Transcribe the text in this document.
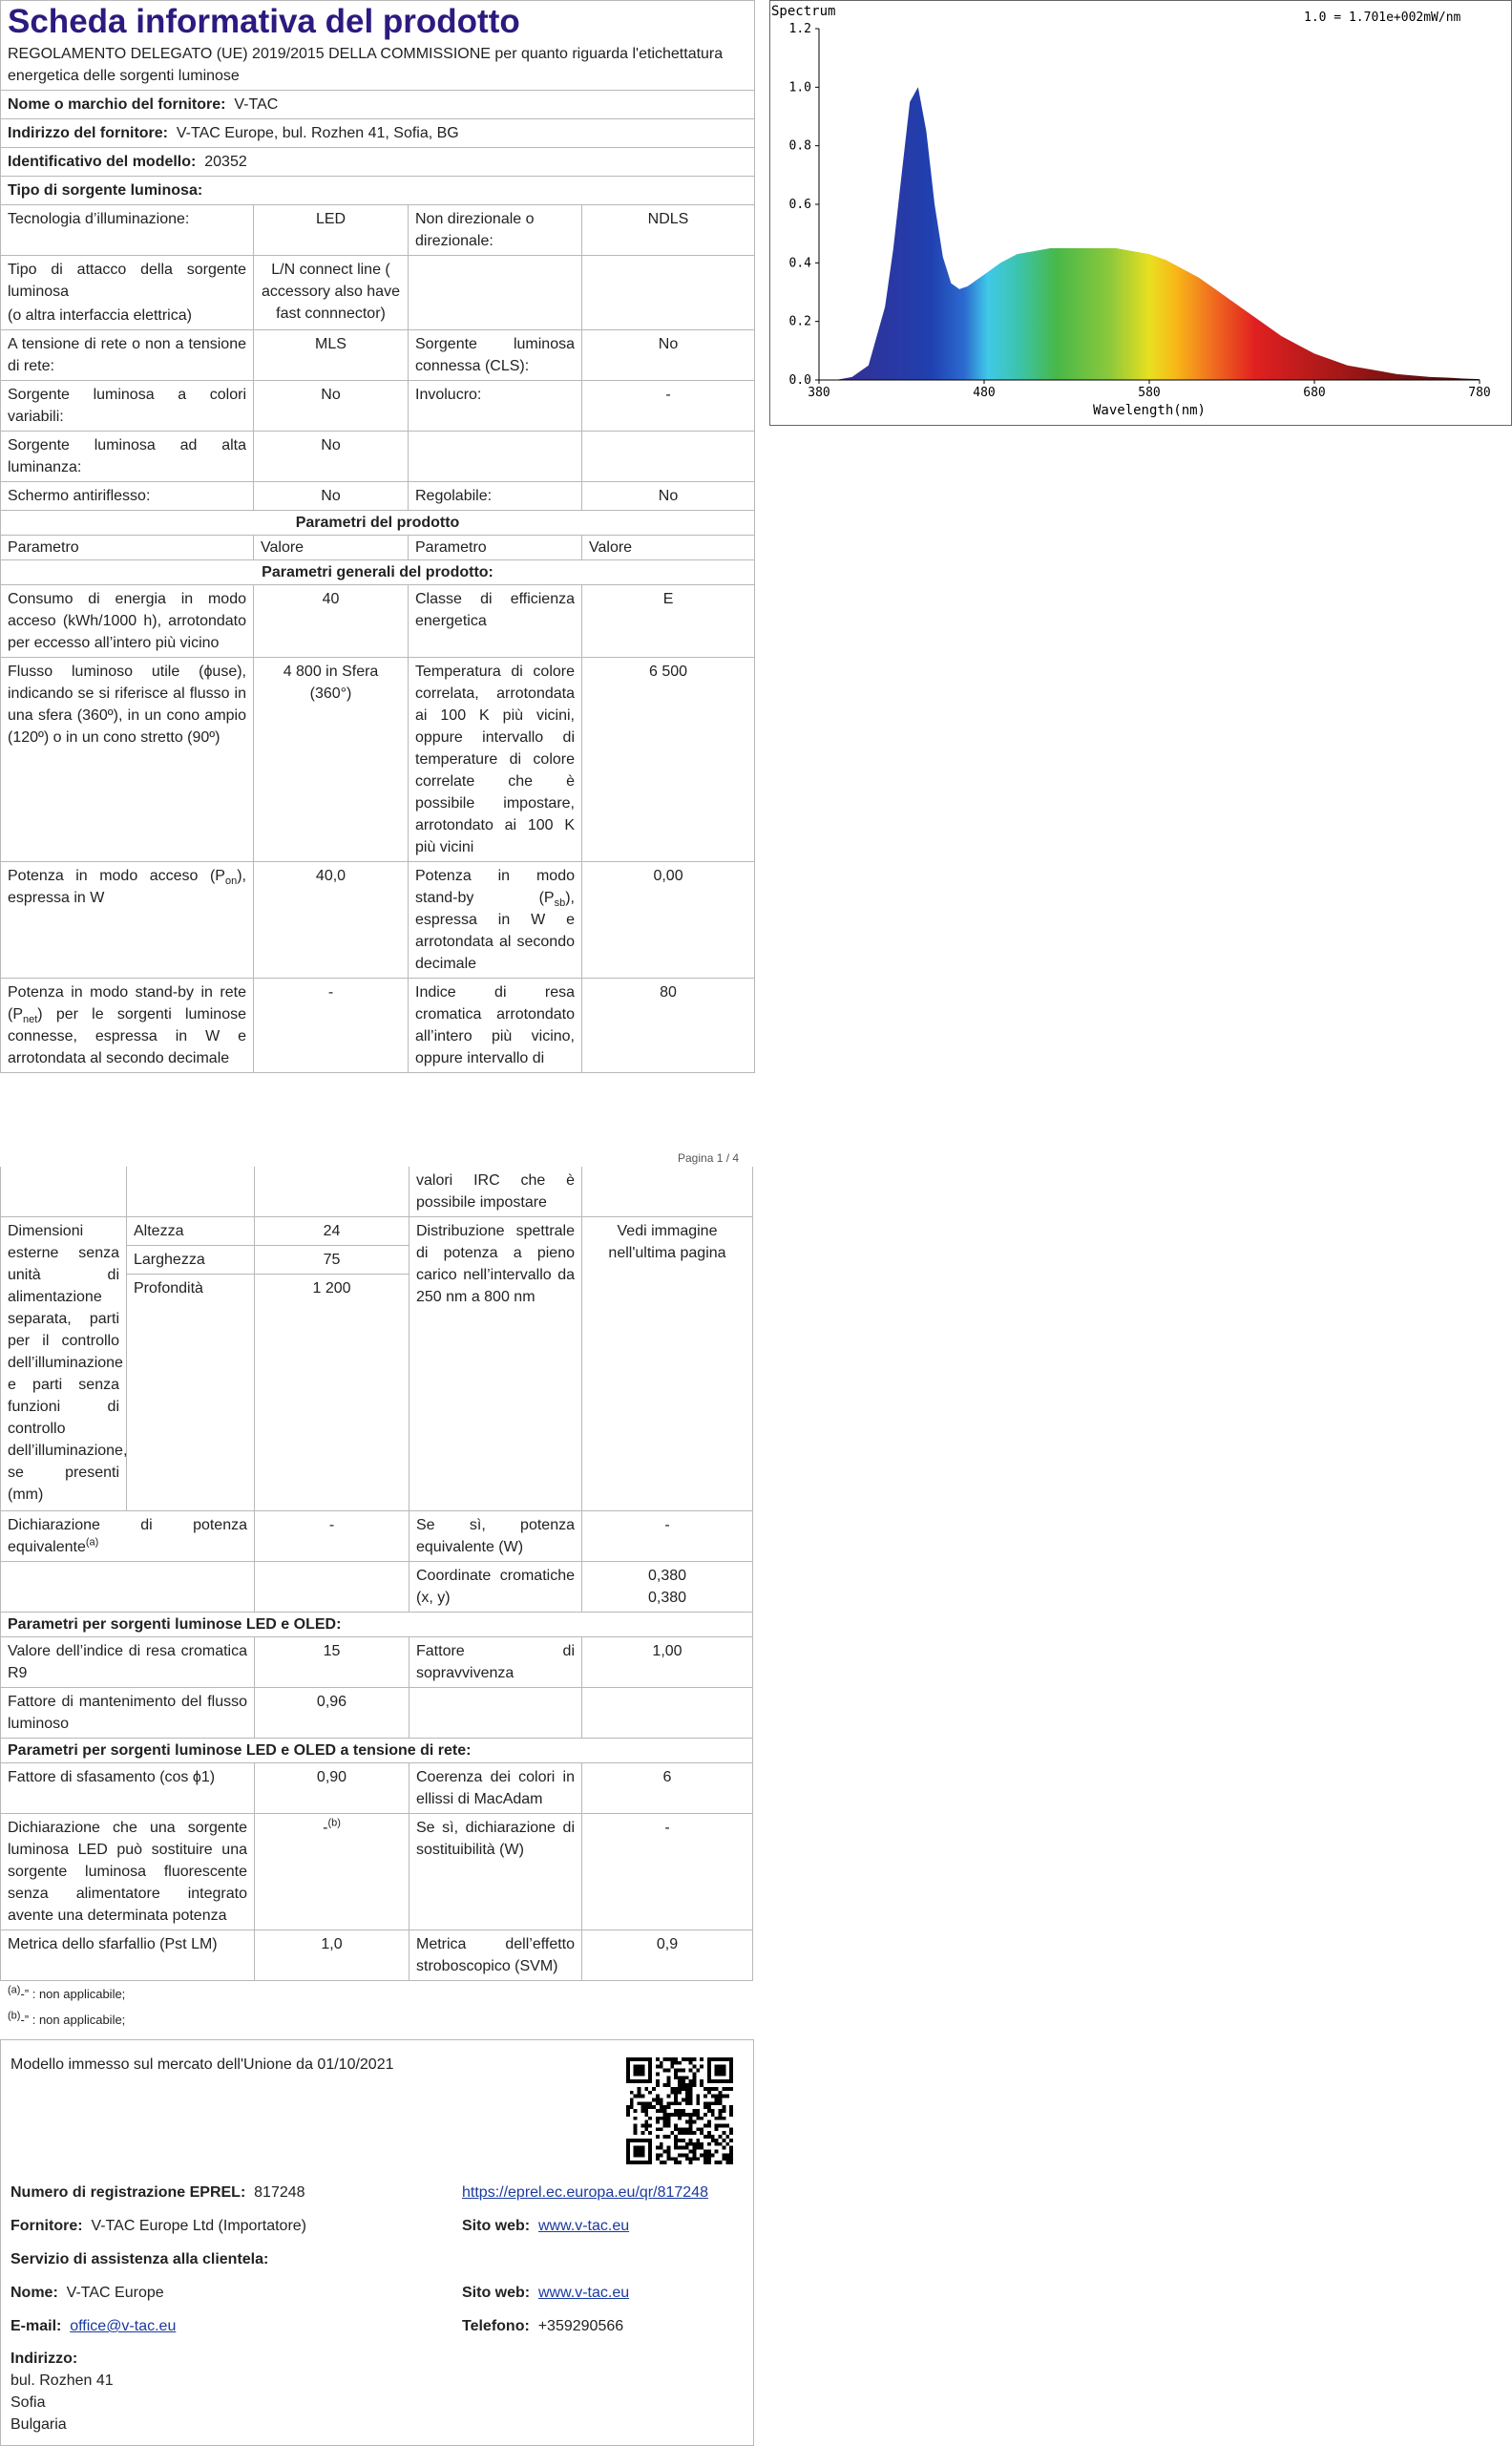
Scheda informativa del prodotto
REGOLAMENTO DELEGATO (UE) 2019/2015 DELLA COMMISSIONE per quanto riguarda l'etichettatura energetica delle sorgenti luminose			

Nome o marchio del fornitore: V-TAC			
Indirizzo del fornitore: V-TAC Europe, bul. Rozhen 41, Sofia, BG			
Identificativo del modello: 20352			
Tipo di sorgente luminosa:			
Tecnologia d’illuminazione:	LED	Non direzionale o direzionale:	NDLS

Tipo di attacco della sorgente luminosa
(o altra interfaccia elettrica)	L/N connect line ( accessory also have fast connnector)		
A tensione di rete o non a tensione di rete:	MLS	Sorgente luminosa connessa (CLS):	No
Sorgente luminosa a colori variabili:	No	Involucro:	-
Sorgente luminosa ad alta luminanza:	No		
Schermo antiriflesso:	No	Regolabile:	No
Parametri del prodotto			
Parametro	Valore	Parametro	Valore
Parametri generali del prodotto:			
Consumo di energia in modo acceso (kWh/1000 h), arrotondato per eccesso all’intero più vicino	40	Classe di efficienza energetica	E
Flusso luminoso utile (ϕuse), indicando se si riferisce al flusso in una sfera (360º), in un cono ampio (120º) o in un cono stretto (90º)	4 800 in Sfera (360°)	Temperatura di colore correlata, arrotondata ai 100 K più vicini, oppure intervallo di temperature di colore correlate che è possibile impostare, arrotondato ai 100 K più vicini	6 500
Potenza in modo acceso $(P_{on})$, espressa in W	40,0	Potenza in modo stand-by $(P_{sb})$, espressa in W e arrotondata al secondo decimale	0,00
Potenza in modo stand-by in rete $(P_{net})$ per le sorgenti luminose connesse, espressa in W e arrotondata al secondo decimale	-	Indice di resa cromatica arrotondato all’intero più vicino, oppure intervallo di	80
Pagina 1 / 4
			valori IRC che è possibile impostare	
Dimensioni esterne senza unità di alimentazione separata, parti per il controllo dell’illuminazione e parti senza funzioni di controllo dell’illuminazione, se presenti (mm)	Altezza	24	Distribuzione spettrale di potenza a pieno carico nell’intervallo da 250 nm a 800 nm	Vedi immagine nell'ultima pagina
	Larghezza	75		
	Profondità	1 200		

Dichiarazione di potenza equivalente$^{(a)}$		-	Se sì, potenza equivalente (W)	-
			Coordinate cromatiche (x, y)	0,380
0,380

Parametri per sorgenti luminose LED e OLED:				
Valore dell’indice di resa cromatica R9		15	Fattore di sopravvivenza	1,00
Fattore di mantenimento del flusso luminoso		0,96		
Parametri per sorgenti luminose LED e OLED a tensione di rete:				
Fattore di sfasamento (cos ϕ1)		0,90	Coerenza dei colori in ellissi di MacAdam	6
Dichiarazione che una sorgente luminosa LED può sostituire una sorgente luminosa fluorescente senza alimentatore integrato avente una determinata potenza		-$^{(b)}$	Se sì, dichiarazione di sostituibilità (W)	-
Metrica dello sfarfallio (Pst LM)		1,0	Metrica dell’effetto stroboscopico (SVM)	0,9
$^{(a)}$-” : non applicabile;
$^{(b)}$-” : non applicabile;
Modello immesso sul mercato dell'Unione da 01/10/2021
Numero di registrazione EPREL: 817248	https://eprel.ec.europa.eu/qr/817248
Fornitore: V-TAC Europe Ltd (Importatore)	Sito web: www.v-tac.eu
Servizio di assistenza alla clientela:
Nome: V-TAC Europe	Sito web: www.v-tac.eu
E-mail: office@v-tac.eu	Telefono: +359290566
Indirizzo:
bul. Rozhen 41
Sofia
Bulgaria
Spectrum	1.0 = 1.701e+002mW/nm
0.0
0.2
0.4
0.6
0.8
1.0
1.2
380	480	580	680	780
Wavelength(nm)
